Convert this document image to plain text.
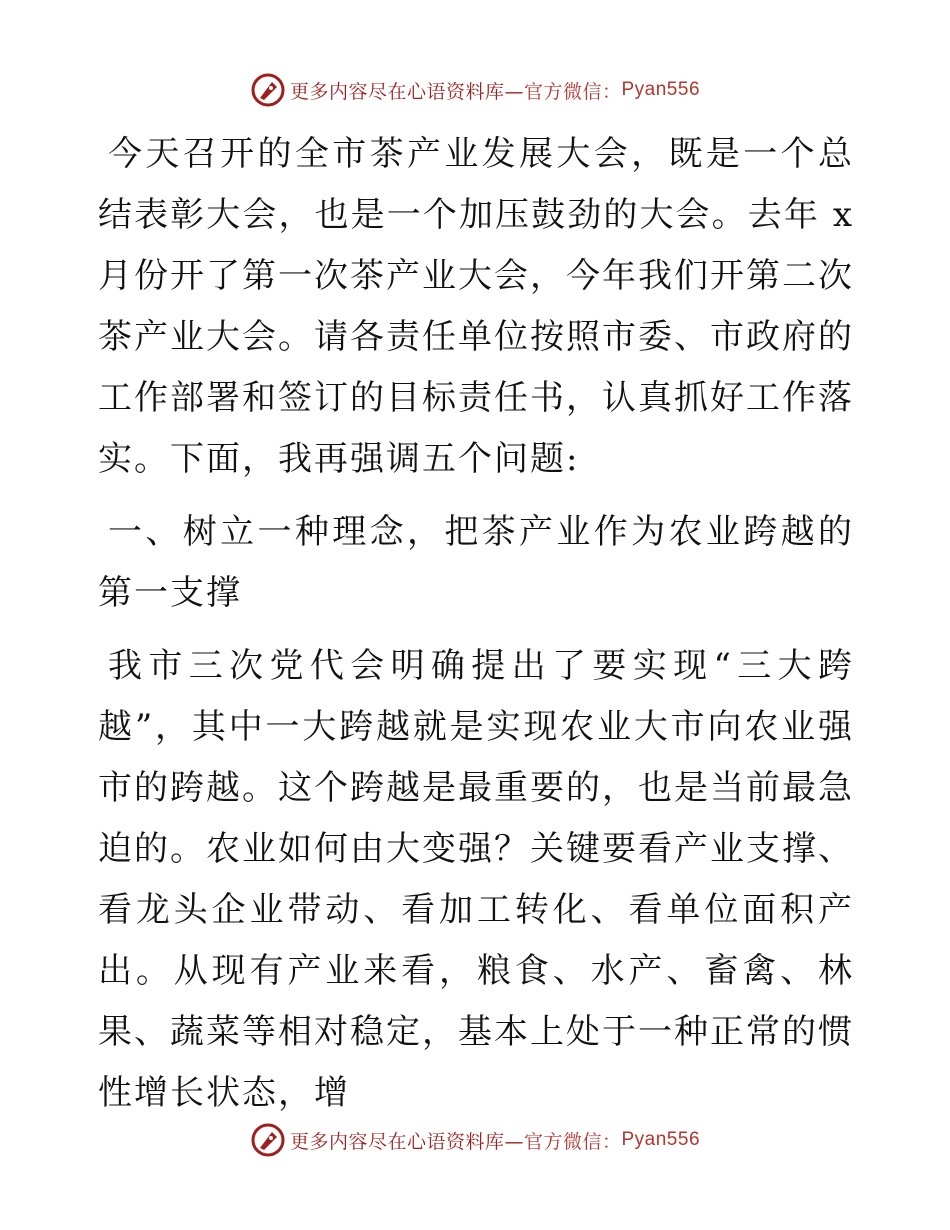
更多内容尽在心语资料库— 官方微信： Pyan556

今天召开的全市茶产业发展大会，既是一个总结表彰大会，也是一个加压鼓劲的大会。去年 x 月份开了第一次茶产业大会，今年我们开第二次茶产业大会。请各责任单位按照市委、市政府的工作部署和签订的目标责任书，认真抓好工作落实。下面，我再强调五个问题:

一、树立一种理念，把茶产业作为农业跨越的第一支撑

我市三次党代会明确提出了要实现“三大跨越”，其中一大跨越就是实现农业大市向农业强市的跨越。这个跨越是最重要的，也是当前最急迫的。农业如何由大变强？关键要看产业支撑、看龙头企业带动、看加工转化、看单位面积产出。从现有产业来看，粮食、水产、畜禽、林果、蔬菜等相对稳定，基本上处于一种正常的惯性增长状态，增

更多内容尽在心语资料库— 官方微信： Pyan556
